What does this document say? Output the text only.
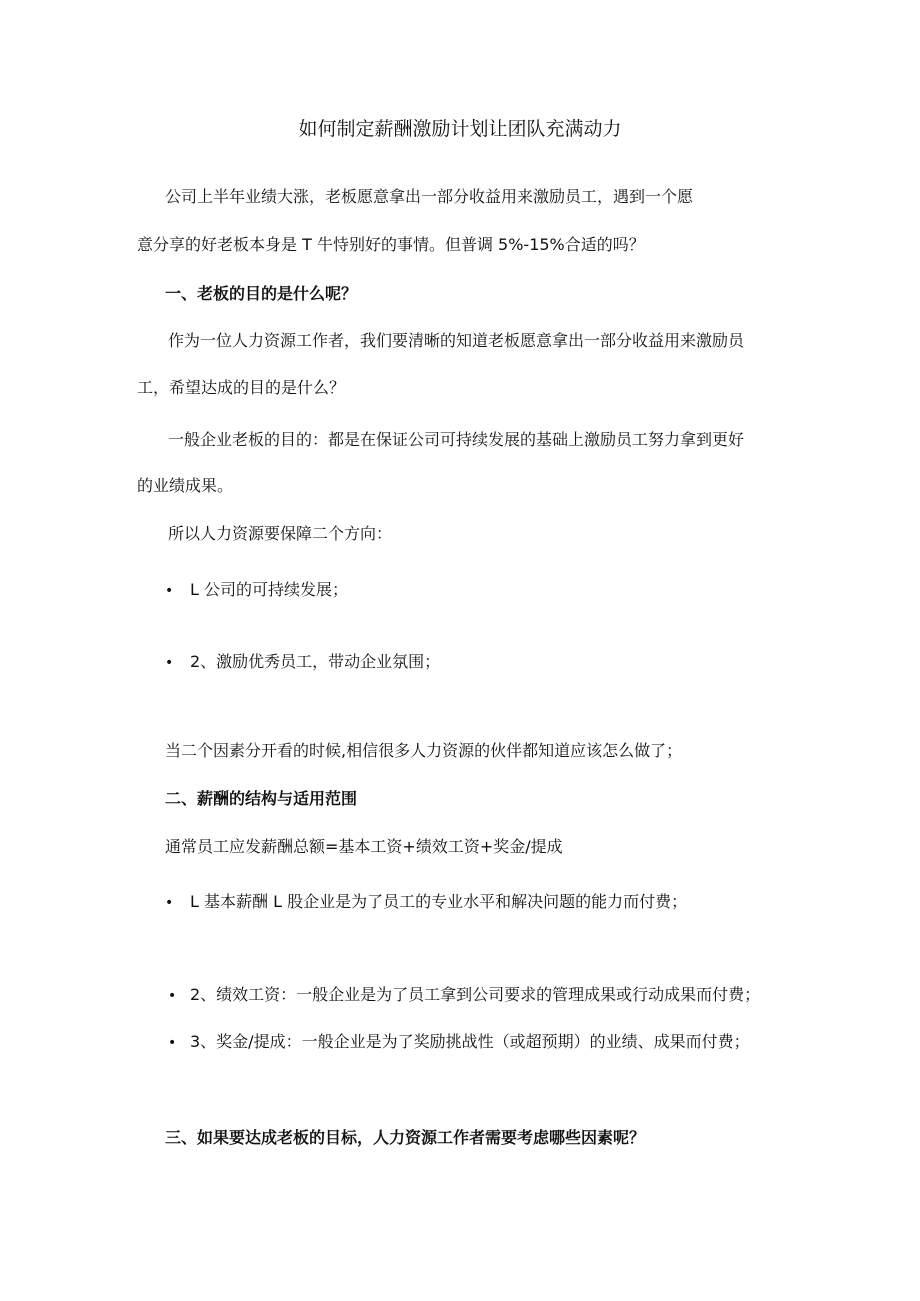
如何制定薪酬激励计划让团队充满动力

公司上半年业绩大涨，老板愿意拿出一部分收益用来激励员工，遇到一个愿

意分享的好老板本身是 T 牛恃别好的事情。但普调 5%-15%合适的吗？

一、老板的目的是什么呢？

作为一位人力资源工作者，我们要清晰的知道老板愿意拿出一部分收益用来激励员

工，希望达成的目的是什么？

一般企业老板的目的：都是在保证公司可持续发展的基础上激励员工努力拿到更好

的业绩成果。

所以人力资源要保障二个方向：

• L 公司的可持续发展；

• 2、激励优秀员工，带动企业氛围；

当二个因素分开看的时候,相信很多人力资源的伙伴都知道应该怎么做了；

二、薪酬的结构与适用范围

通常员工应发薪酬总额=基本工资+绩效工资+奖金/提成

• L 基本薪酬 L 股企业是为了员工的专业水平和解决问题的能力而付费；

• 2、绩效工资：一般企业是为了员工拿到公司要求的管理成果或行动成果而付费；

• 3、奖金/提成：一般企业是为了奖励挑战性（或超预期）的业绩、成果而付费；

三、如果要达成老板的目标，人力资源工作者需要考虑哪些因素呢？
